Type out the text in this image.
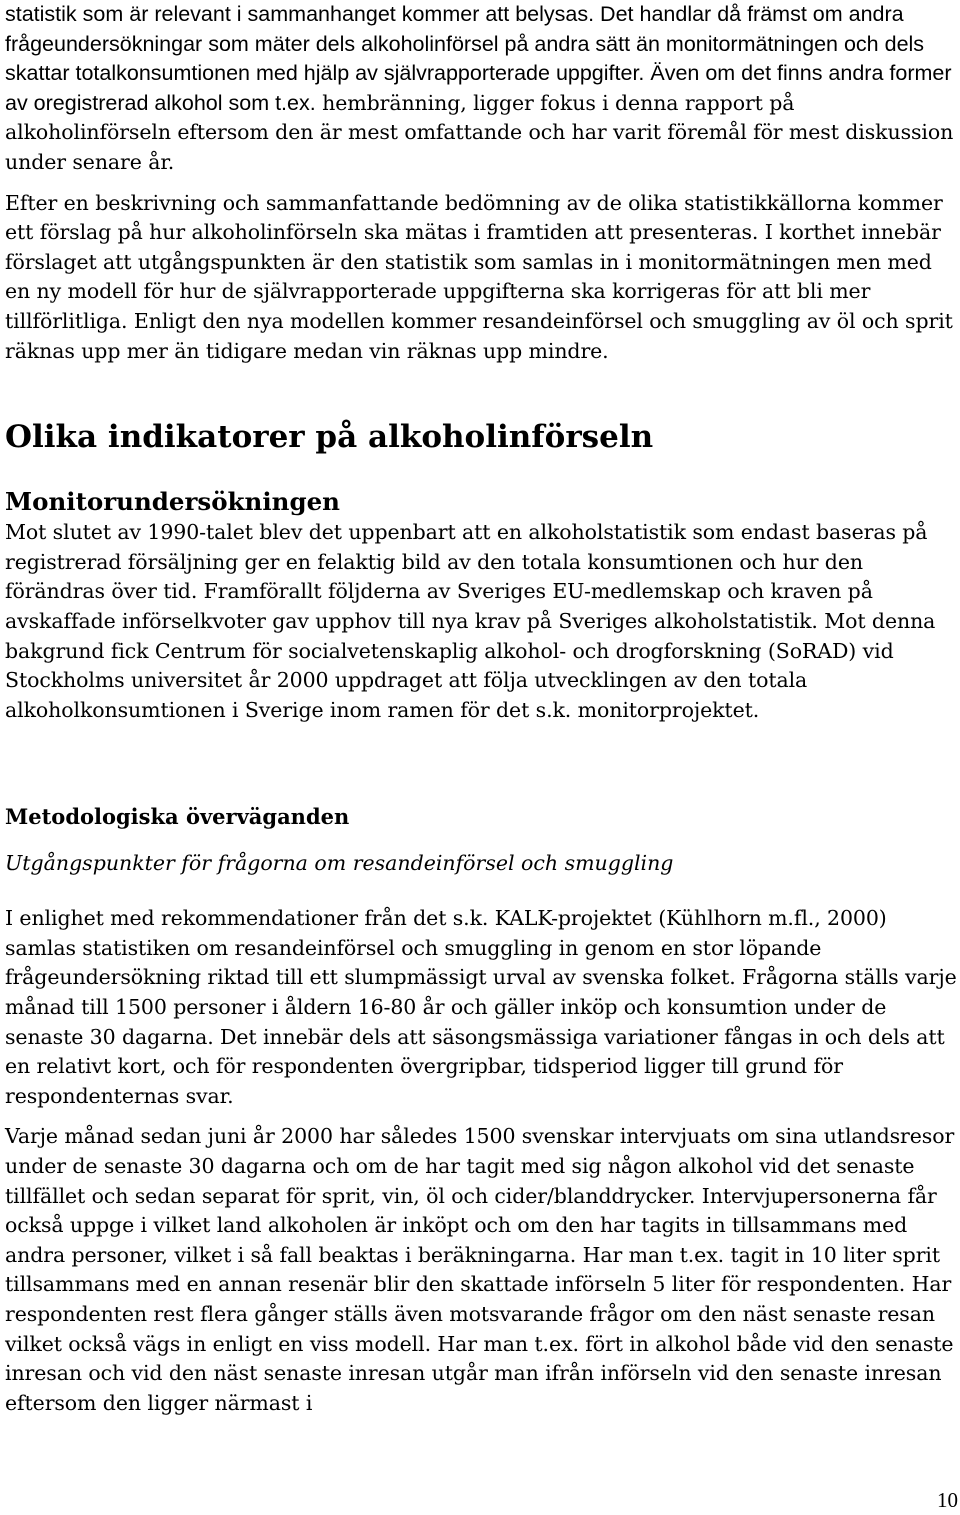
statistik som är relevant i sammanhanget kommer att belysas. Det handlar då främst om andra frågeundersökningar som mäter dels alkoholinförsel på andra sätt än monitormätningen och dels skattar totalkonsumtionen med hjälp av självrapporterade uppgifter. Även om det finns andra former av oregistrerad alkohol som t.ex. hembränning, ligger fokus i denna rapport på alkoholinförseln eftersom den är mest omfattande och har varit föremål för mest diskussion under senare år.

Efter en beskrivning och sammanfattande bedömning av de olika statistikkällorna kommer ett förslag på hur alkoholinförseln ska mätas i framtiden att presenteras. I korthet innebär förslaget att utgångspunkten är den statistik som samlas in i monitormätningen men med en ny modell för hur de självrapporterade uppgifterna ska korrigeras för att bli mer tillförlitliga. Enligt den nya modellen kommer resandeinförsel och smuggling av öl och sprit räknas upp mer än tidigare medan vin räknas upp mindre.

Olika indikatorer på alkoholinförseln
Monitorundersökningen

Mot slutet av 1990-talet blev det uppenbart att en alkoholstatistik som endast baseras på registrerad försäljning ger en felaktig bild av den totala konsumtionen och hur den förändras över tid. Framförallt följderna av Sveriges EU-medlemskap och kraven på avskaffade införselkvoter gav upphov till nya krav på Sveriges alkoholstatistik. Mot denna bakgrund fick Centrum för socialvetenskaplig alkohol- och drogforskning (SoRAD) vid Stockholms universitet år 2000 uppdraget att följa utvecklingen av den totala alkoholkonsumtionen i Sverige inom ramen för det s.k. monitorprojektet.

Metodologiska överväganden
Utgångspunkter för frågorna om resandeinförsel och smuggling

I enlighet med rekommendationer från det s.k. KALK-projektet (Kühlhorn m.fl., 2000) samlas statistiken om resandeinförsel och smuggling in genom en stor löpande frågeundersökning riktad till ett slumpmässigt urval av svenska folket. Frågorna ställs varje månad till 1500 personer i åldern 16-80 år och gäller inköp och konsumtion under de senaste 30 dagarna. Det innebär dels att säsongsmässiga variationer fångas in och dels att en relativt kort, och för respondenten övergripbar, tidsperiod ligger till grund för respondenternas svar.

Varje månad sedan juni år 2000 har således 1500 svenskar intervjuats om sina utlandsresor under de senaste 30 dagarna och om de har tagit med sig någon alkohol vid det senaste tillfället och sedan separat för sprit, vin, öl och cider/blanddrycker. Intervjupersonerna får också uppge i vilket land alkoholen är inköpt och om den har tagits in tillsammans med andra personer, vilket i så fall beaktas i beräkningarna. Har man t.ex. tagit in 10 liter sprit tillsammans med en annan resenär blir den skattade införseln 5 liter för respondenten. Har respondenten rest flera gånger ställs även motsvarande frågor om den näst senaste resan vilket också vägs in enligt en viss modell. Har man t.ex. fört in alkohol både vid den senaste inresan och vid den näst senaste inresan utgår man ifrån införseln vid den senaste inresan eftersom den ligger närmast i

10
